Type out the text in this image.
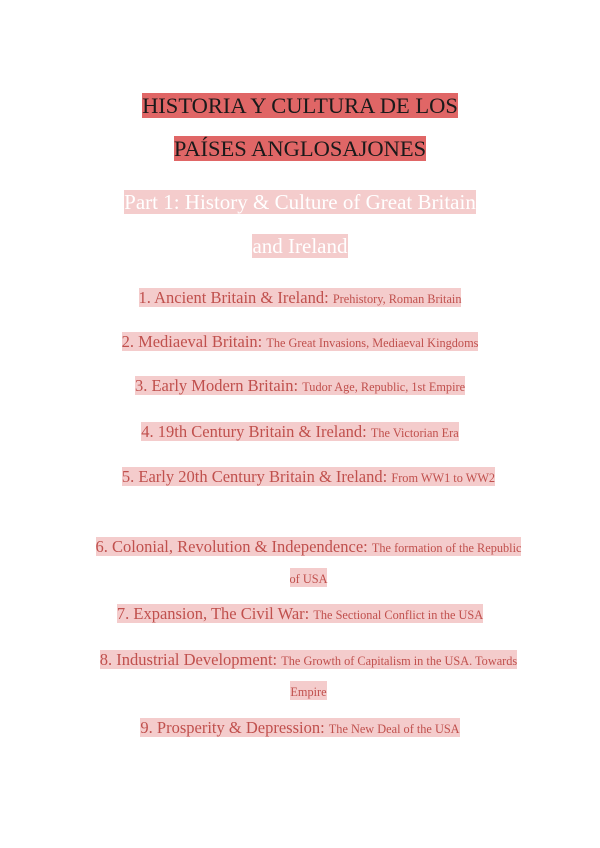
HISTORIA Y CULTURA DE LOS
PAÍSES ANGLOSAJONES
Part 1: History & Culture of Great Britain
and Ireland
1. Ancient Britain & Ireland: Prehistory, Roman Britain
2. Mediaeval Britain: The Great Invasions, Mediaeval Kingdoms
3. Early Modern Britain: Tudor Age, Republic, 1st Empire
4. 19th Century Britain & Ireland: The Victorian Era
5. Early 20th Century Britain & Ireland: From WW1 to WW2
6. Colonial, Revolution & Independence: The formation of the Republic of USA
7. Expansion, The Civil War: The Sectional Conflict in the USA
8. Industrial Development: The Growth of Capitalism in the USA. Towards Empire
9. Prosperity & Depression: The New Deal of the USA
